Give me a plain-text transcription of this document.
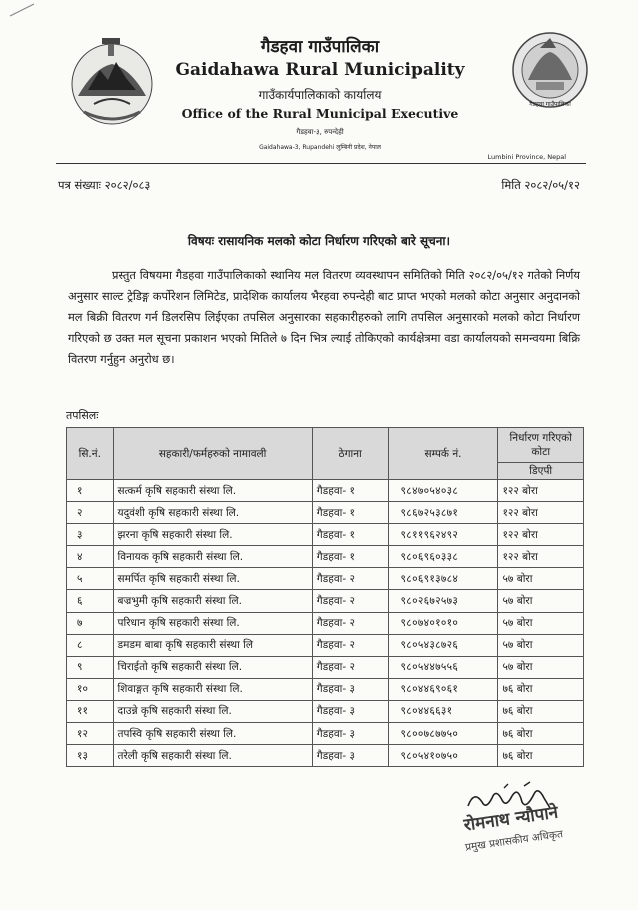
गैडहवा गाउँपालिका
गैडहवा गाउँपालिका
Gaidahawa Rural Municipality
गाउँकार्यपालिकाको कार्यालय
Office of the Rural Municipal Executive
गैडहवा-३, रुपन्देही
Gaidahawa-3, Rupandehi लुम्बिनी प्रदेश, नेपाल
Lumbini Province, Nepal
पत्र संख्याः २०८२/०८३	मिति २०८२/०५/१२
विषयः रासायनिक मलको कोटा निर्धारण गरिएको बारे सूचना।
प्रस्तुत विषयमा गैडहवा गाउँपालिकाको स्थानिय मल वितरण व्यवस्थापन समितिको मिति २०८२/०५/१२ गतेको निर्णय अनुसार साल्ट ट्रेडिङ्ग कर्पोरेशन लिमिटेड, प्रादेशिक कार्यालय भैरहवा रुपन्देही बाट प्राप्त भएको मलको कोटा अनुसार अनुदानको मल बिक्री वितरण गर्न डिलरसिप लिईएका तपसिल अनुसारका सहकारीहरुको लागि तपसिल अनुसारको मलको कोटा निर्धारण गरिएको छ उक्त मल सूचना प्रकाशन भएको मितिले ७ दिन भित्र ल्याई तोकिएको कार्यक्षेत्रमा वडा कार्यालयको समन्वयमा बिक्रि वितरण गर्नुहुन अनुरोध छ।
तपसिलः
सि.नं.	सहकारी/फर्महरुको नामावली	ठेगाना	सम्पर्क नं.	निर्धारण गरिएको कोटा
				डिएपी
१	सत्कर्म कृषि सहकारी संस्था लि.	गैडहवा- १	९८४७०५४०३८	१२२ बोरा
२	यदुवंशी कृषि सहकारी संस्था लि.	गैडहवा- १	९८६७२५३८७१	१२२ बोरा
३	झरना कृषि सहकारी संस्था लि.	गैडहवा- १	९८११९६२४९२	१२२ बोरा
४	विनायक कृषि सहकारी संस्था लि.	गैडहवा- १	९८०६९६०३३८	१२२ बोरा
५	समर्पित कृषि सहकारी संस्था लि.	गैडहवा- २	९८०६९१३७८४	५७ बोरा
६	बज्रभुमी कृषि सहकारी संस्था लि.	गैडहवा- २	९८०२६७२५७३	५७ बोरा
७	परिधान कृषि सहकारी संस्था लि.	गैडहवा- २	९८०७४०१०१०	५७ बोरा
८	डमडम बाबा कृषि सहकारी संस्था लि	गैडहवा- २	९८०५४३८७२६	५७ बोरा
९	चिराईतो कृषि सहकारी संस्था लि.	गैडहवा- २	९८०५४४७५५६	५७ बोरा
१०	शिवाङ्गत कृषि सहकारी संस्था लि.	गैडहवा- ३	९८०४४६९०६१	७६ बोरा
११	दाउन्ने कृषि सहकारी संस्था लि.	गैडहवा- ३	९८०४४६६३१	७६ बोरा
१२	तपस्वि कृषि सहकारी संस्था लि.	गैडहवा- ३	९८००७८७७५०	७६ बोरा
१३	तरेली कृषि सहकारी संस्था लि.	गैडहवा- ३	९८०५४१०७५०	७६ बोरा
रोमनाथ न्यौपाने
प्रमुख प्रशासकीय अधिकृत
